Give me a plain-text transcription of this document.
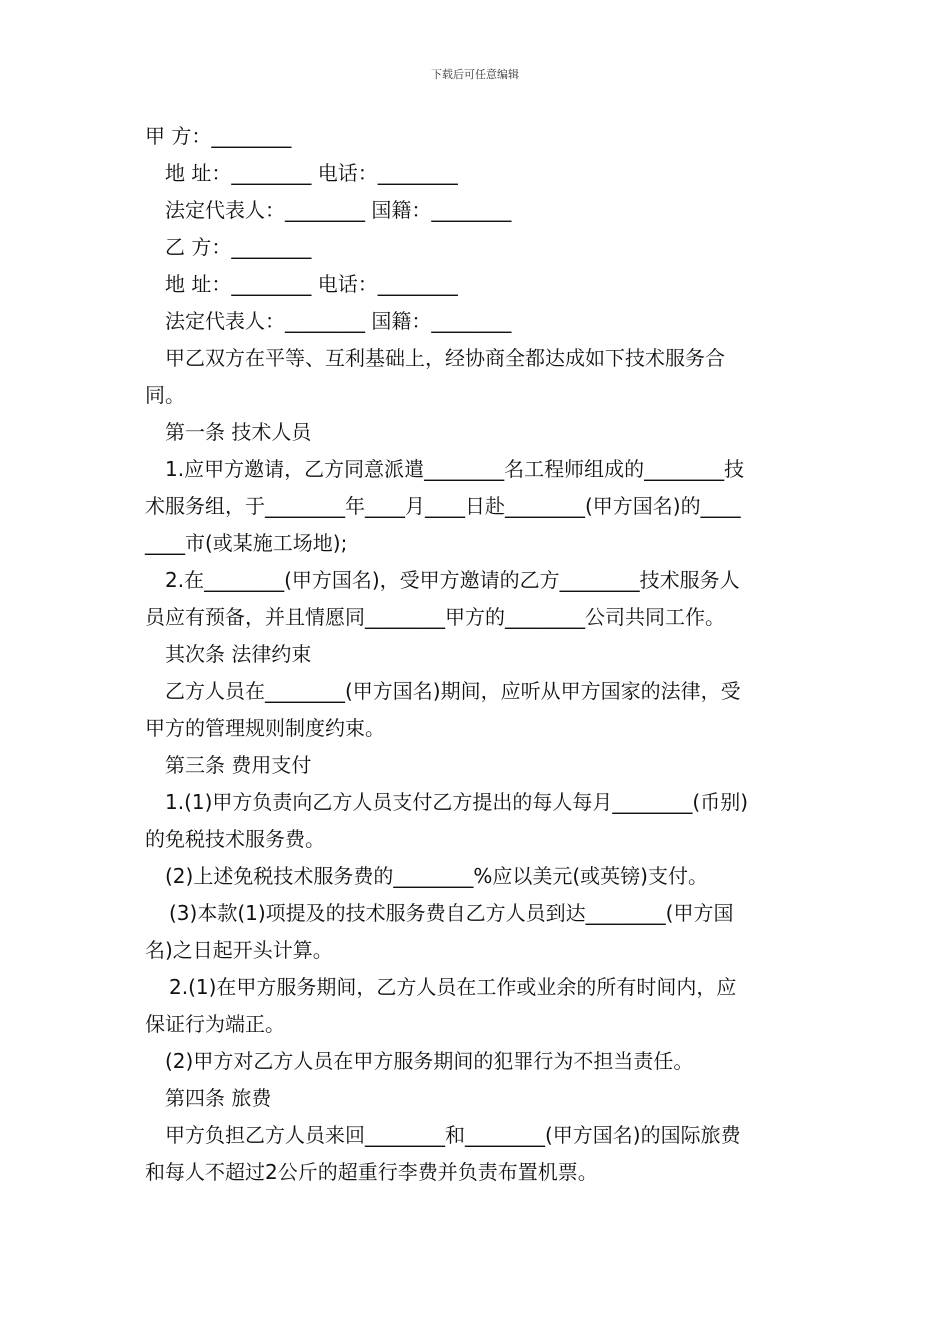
下载后可任意编辑
甲 方：________
地 址：________ 电话：________
法定代表人：________ 国籍：________
乙 方：________
地 址：________ 电话：________
法定代表人：________ 国籍：________
甲乙双方在平等、互利基础上，经协商全都达成如下技术服务合
同。
第一条 技术人员
1.应甲方邀请，乙方同意派遣________名工程师组成的________技
术服务组，于________年____月____日赴________(甲方国名)的____
____市(或某施工场地);
2.在________(甲方国名)，受甲方邀请的乙方________技术服务人
员应有预备，并且情愿同________甲方的________公司共同工作。
其次条 法律约束
乙方人员在________(甲方国名)期间，应听从甲方国家的法律，受
甲方的管理规则制度约束。
第三条 费用支付
1.(1)甲方负责向乙方人员支付乙方提出的每人每月________(币别)
的免税技术服务费。
(2)上述免税技术服务费的________%应以美元(或英镑)支付。
(3)本款(1)项提及的技术服务费自乙方人员到达________(甲方国
名)之日起开头计算。
2.(1)在甲方服务期间，乙方人员在工作或业余的所有时间内，应
保证行为端正。
(2)甲方对乙方人员在甲方服务期间的犯罪行为不担当责任。
第四条 旅费
甲方负担乙方人员来回________和________(甲方国名)的国际旅费
和每人不超过2公斤的超重行李费并负责布置机票。
